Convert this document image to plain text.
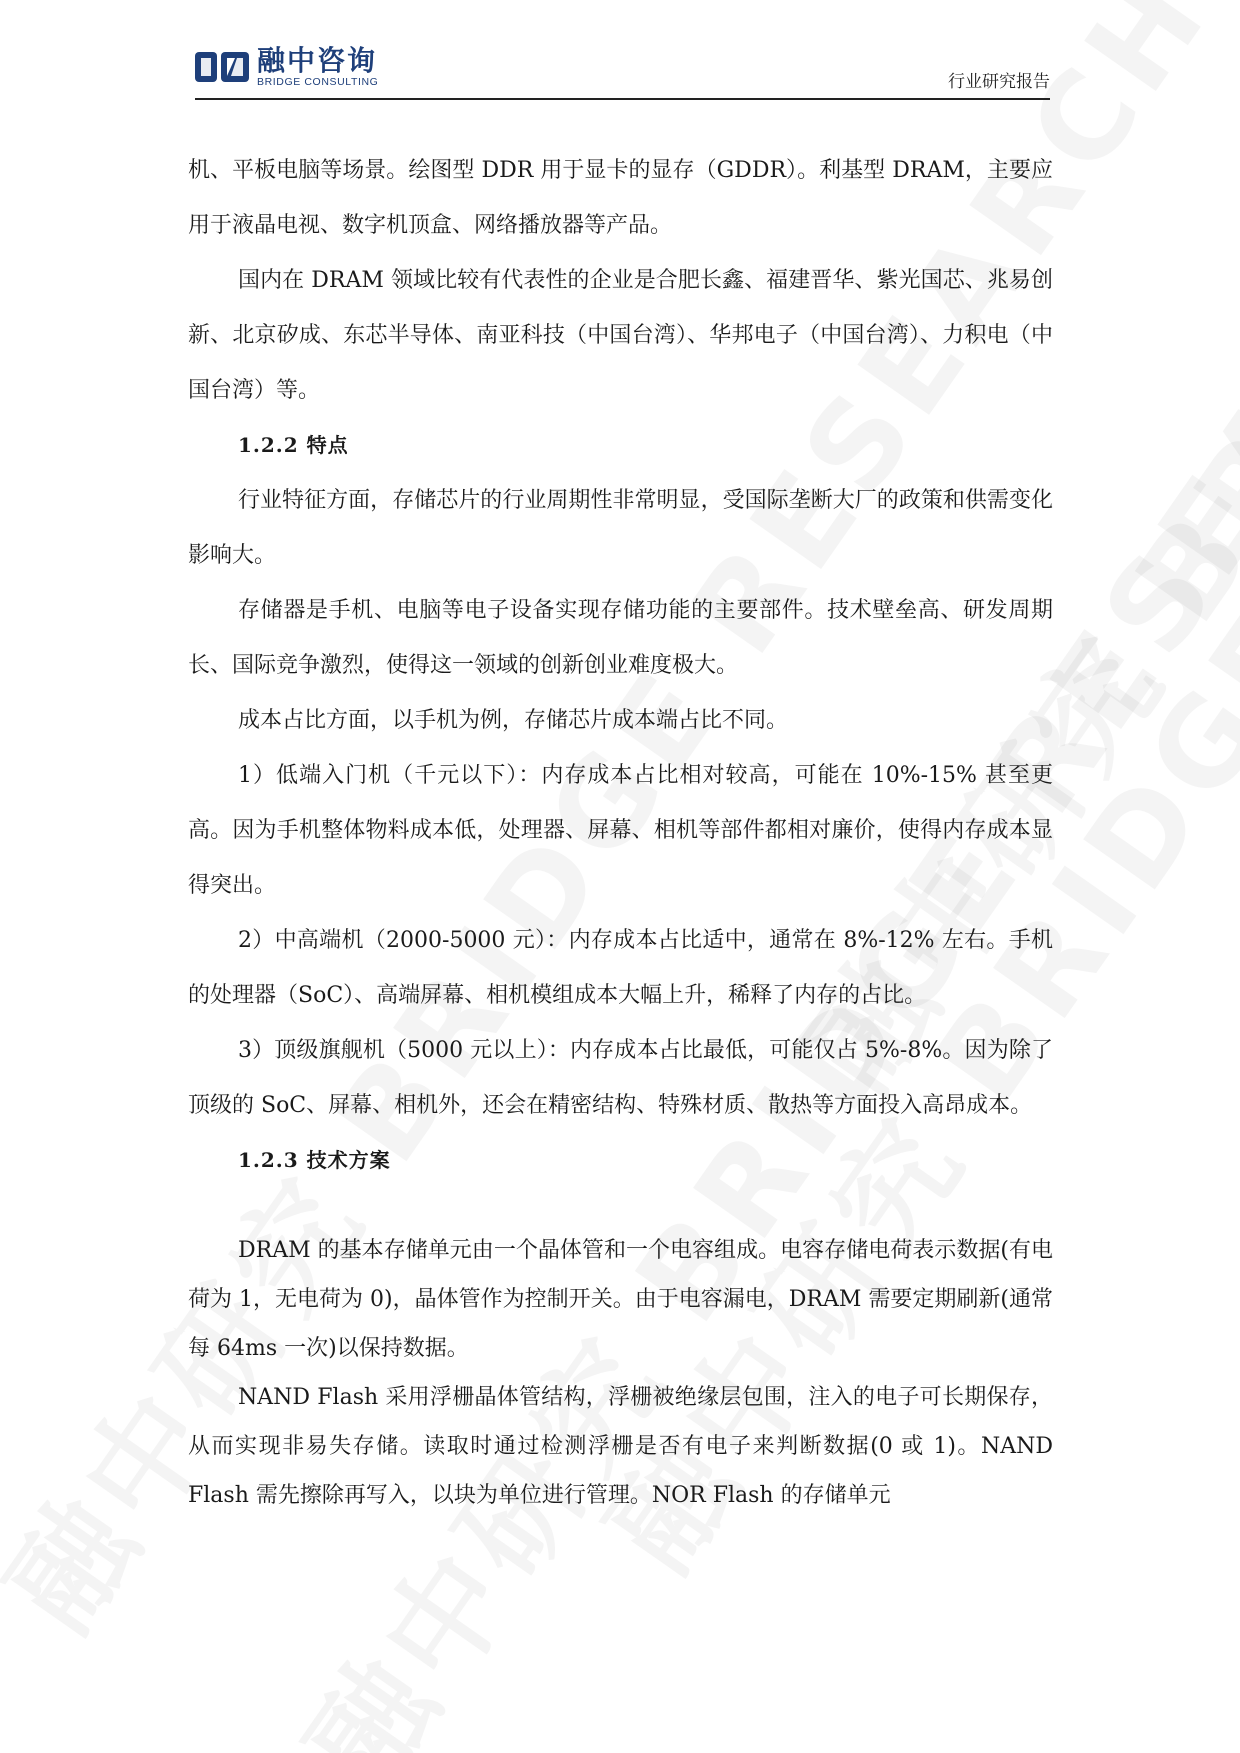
融中咨询
BRIDGE CONSULTING	行业研究报告

机、平板电脑等场景。绘图型 DDR 用于显卡的显存（GDDR）。利基型 DRAM，主要应用于液晶电视、数字机顶盒、网络播放器等产品。

国内在 DRAM 领域比较有代表性的企业是合肥长鑫、福建晋华、紫光国芯、兆易创新、北京矽成、东芯半导体、南亚科技（中国台湾）、华邦电子（中国台湾）、力积电（中国台湾）等。

1.2.2 特点

行业特征方面，存储芯片的行业周期性非常明显，受国际垄断大厂的政策和供需变化影响大。

存储器是手机、电脑等电子设备实现存储功能的主要部件。技术壁垒高、研发周期长、国际竞争激烈，使得这一领域的创新创业难度极大。

成本占比方面，以手机为例，存储芯片成本端占比不同。

1）低端入门机（千元以下）：内存成本占比相对较高，可能在 10%-15% 甚至更高。因为手机整体物料成本低，处理器、屏幕、相机等部件都相对廉价，使得内存成本显得突出。

2）中高端机（2000-5000 元）：内存成本占比适中，通常在 8%-12% 左右。手机的处理器（SoC）、高端屏幕、相机模组成本大幅上升，稀释了内存的占比。

3）顶级旗舰机（5000 元以上）：内存成本占比最低，可能仅占 5%-8%。因为除了顶级的 SoC、屏幕、相机外，还会在精密结构、特殊材质、散热等方面投入高昂成本。

1.2.3 技术方案

DRAM 的基本存储单元由一个晶体管和一个电容组成。电容存储电荷表示数据(有电荷为 1，无电荷为 0)，晶体管作为控制开关。由于电容漏电，DRAM 需要定期刷新(通常每 64ms 一次)以保持数据。

NAND Flash 采用浮栅晶体管结构，浮栅被绝缘层包围，注入的电子可长期保存，从而实现非易失存储。读取时通过检测浮栅是否有电子来判断数据(0 或 1)。NAND Flash 需先擦除再写入，以块为单位进行管理。NOR Flash 的存储单元
